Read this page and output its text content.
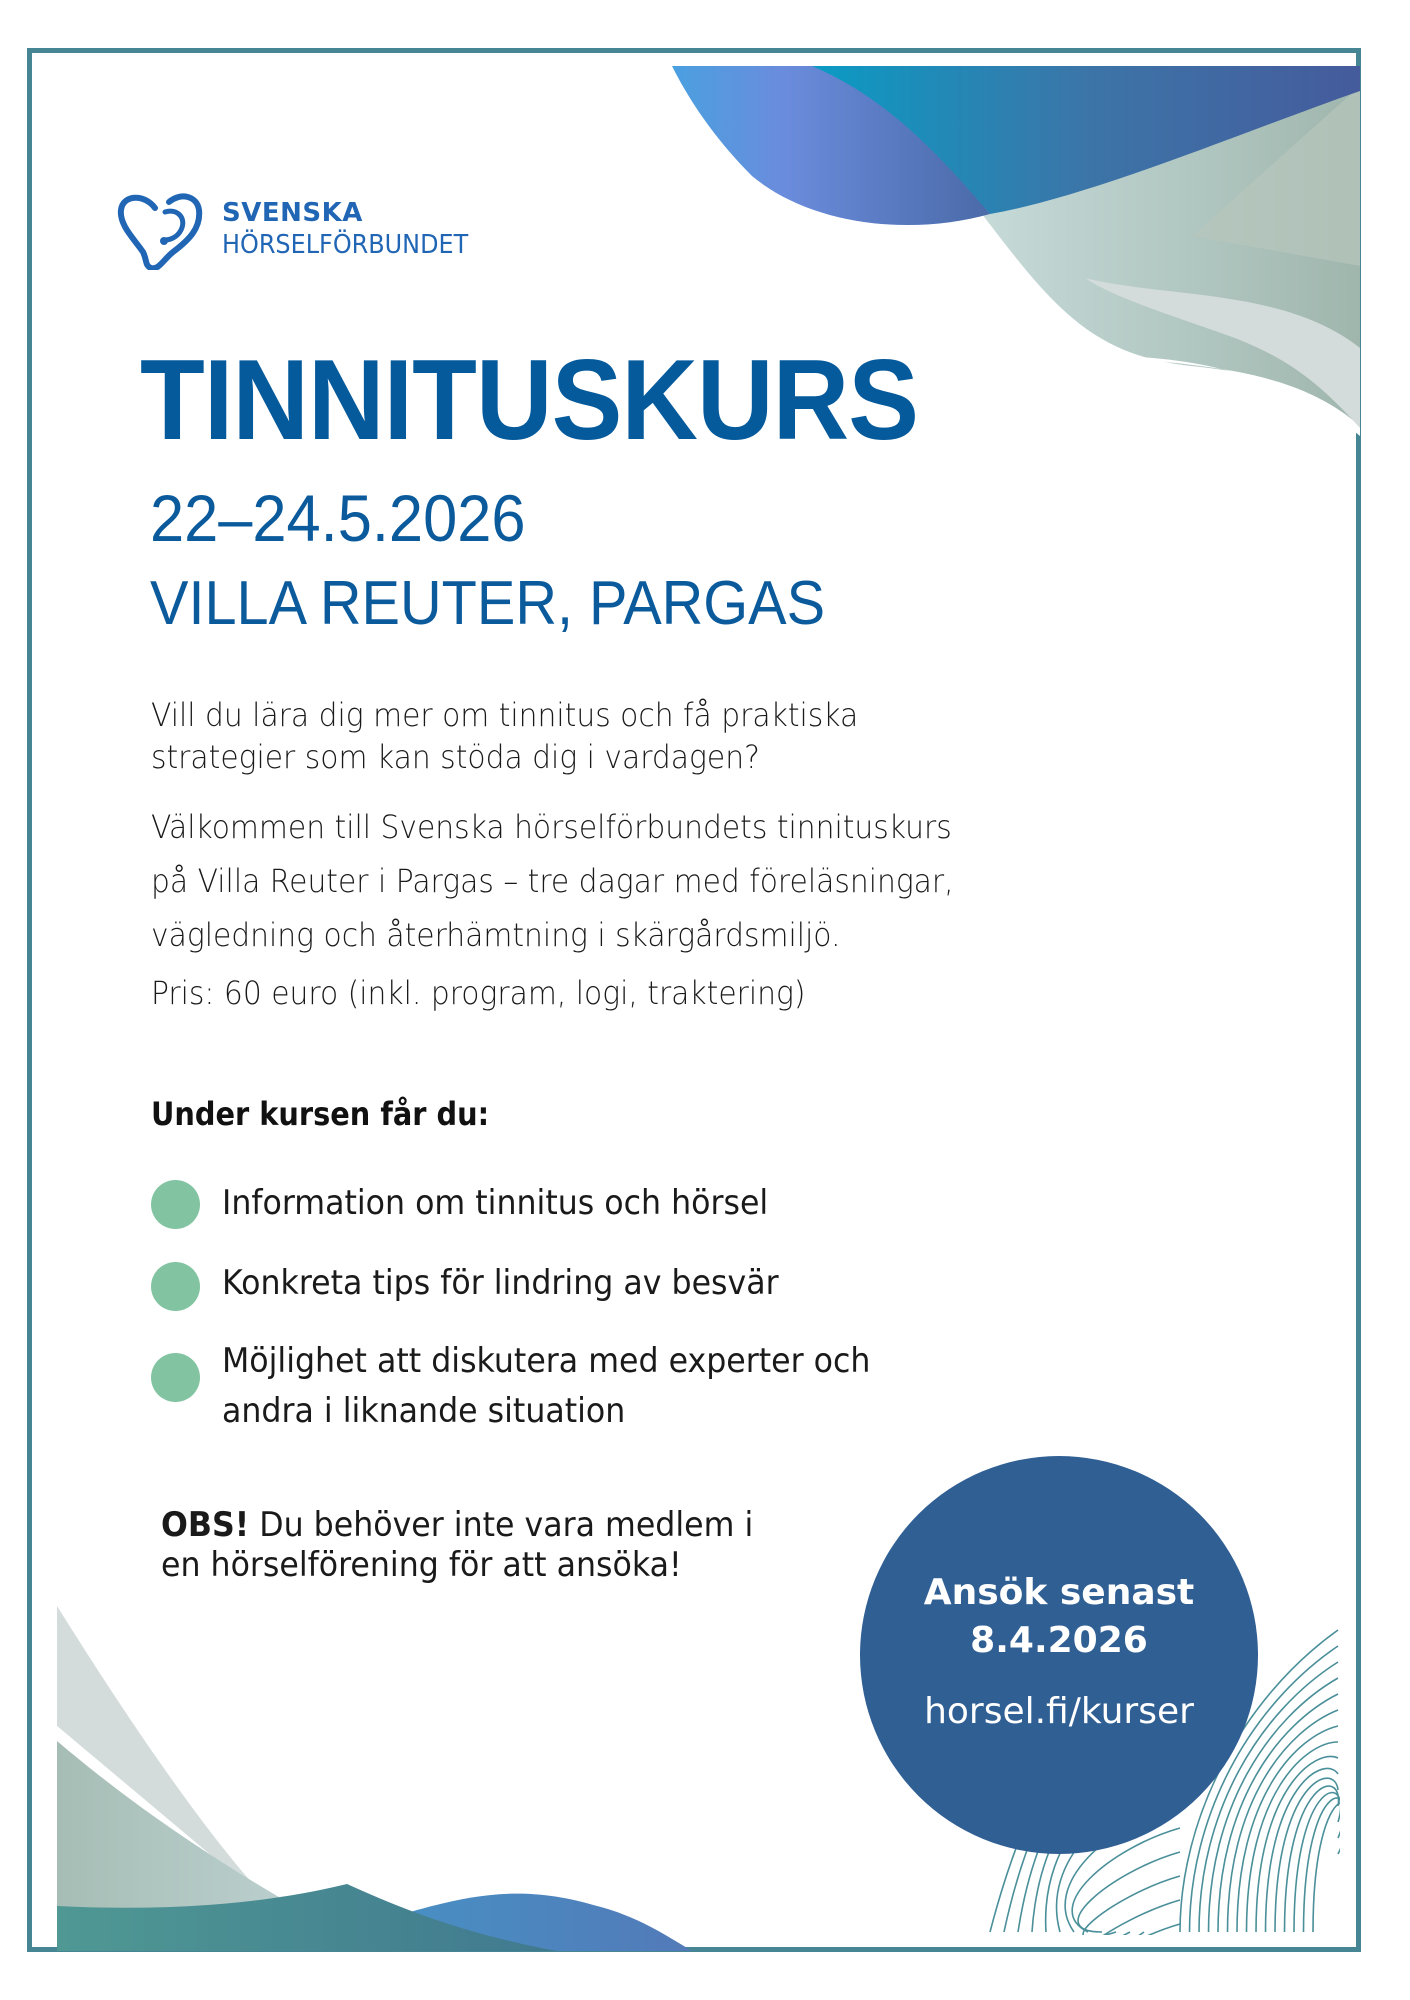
SVENSKA
HÖRSELFÖRBUNDET
TINNITUSKURS
22–24.5.2026
VILLA REUTER, PARGAS
Vill du lära dig mer om tinnitus och få praktiska
strategier som kan stöda dig i vardagen?
Välkommen till Svenska hörselförbundets tinnituskurs
på Villa Reuter i Pargas – tre dagar med föreläsningar,
vägledning och återhämtning i skärgårdsmiljö.
Pris: 60 euro (inkl. program, logi, traktering)
Under kursen får du:
Information om tinnitus och hörsel
Konkreta tips för lindring av besvär
Möjlighet att diskutera med experter och
andra i liknande situation
OBS! Du behöver inte vara medlem i
en hörselförening för att ansöka!
Ansök senast
8.4.2026
horsel.fi/kurser
